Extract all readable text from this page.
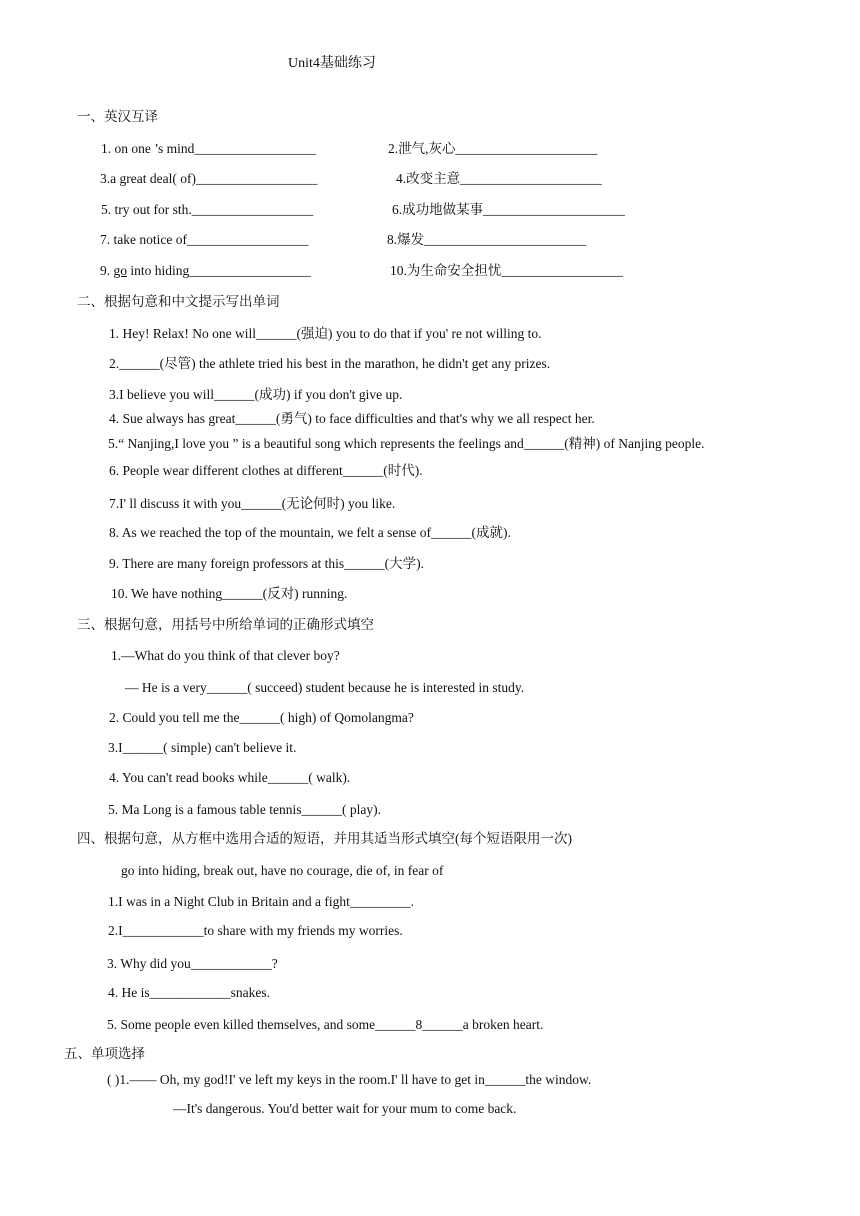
Unit4基础练习
一、英汉互译
1. on one ’s mind__________________	2.泄气,灰心_____________________
3.a great deal( of)__________________	4.改变主意_____________________
5. try out for sth.__________________	6.成功地做某事_____________________
7. take notice of__________________	8.爆发________________________
9. go into hiding__________________	10.为生命安全担忧__________________
二、根据句意和中文提示写出单词
1. Hey! Relax! No one will______(强迫) you to do that if you' re not willing to.
2.______(尽管) the athlete tried his best in the marathon, he didn't get any prizes.
3.I believe you will______(成功) if you don't give up.
4. Sue always has great______(勇气) to face difficulties and that's why we all respect her.
5.“ Nanjing,I love you ” is a beautiful song which represents the feelings and______(精神) of Nanjing people.
6. People wear different clothes at different______(时代).
7.I' ll discuss it with you______(无论何时) you like.
8. As we reached the top of the mountain, we felt a sense of______(成就).
9. There are many foreign professors at this______(大学).
10. We have nothing______(反对) running.
三、根据句意，用括号中所给单词的正确形式填空
1.—What do you think of that clever boy?
— He is a very______( succeed) student because he is interested in study.
2. Could you tell me the______( high) of Qomolangma?
3.I______( simple) can't believe it.
4. You can't read books while______( walk).
5. Ma Long is a famous table tennis______( play).
四、根据句意，从方框中选用合适的短语，并用其适当形式填空(每个短语限用一次)
go into hiding, break out, have no courage, die of, in fear of
1.I was in a Night Club in Britain and a fight_________.
2.I____________to share with my friends my worries.
3. Why did you____________?
4. He is____________snakes.
5. Some people even killed themselves, and some______8______a broken heart.
五、单项选择
( )1.—— Oh, my god!I' ve left my keys in the room.I' ll have to get in______the window.
—It's dangerous. You'd better wait for your mum to come back.
